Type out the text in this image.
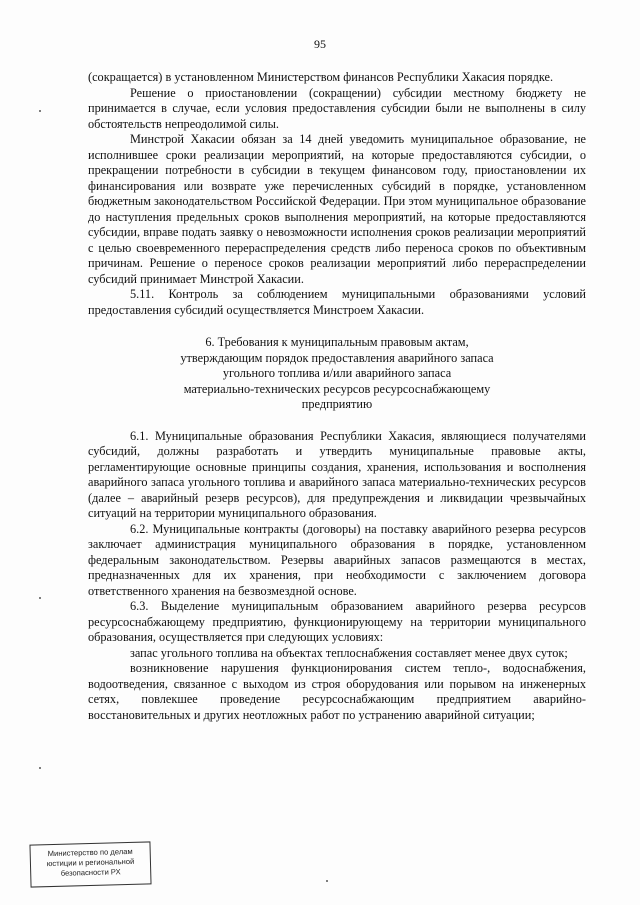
95

(сокращается) в установленном Министерством финансов Республики Хакасия порядке.

Решение о приостановлении (сокращении) субсидии местному бюджету не принимается в случае, если условия предоставления субсидии были не выполнены в силу обстоятельств непреодолимой силы.

Минстрой Хакасии обязан за 14 дней уведомить муниципальное образование, не исполнившее сроки реализации мероприятий, на которые предоставляются субсидии, о прекращении потребности в субсидии в текущем финансовом году, приостановлении их финансирования или возврате уже перечисленных субсидий в порядке, установленном бюджетным законодательством Российской Федерации. При этом муниципальное образование до наступления предельных сроков выполнения мероприятий, на которые предоставляются субсидии, вправе подать заявку о невозможности исполнения сроков реализации мероприятий с целью своевременного перераспределения средств либо переноса сроков по объективным причинам. Решение о переносе сроков реализации мероприятий либо перераспределении субсидий принимает Минстрой Хакасии.

5.11. Контроль за соблюдением муниципальными образованиями условий предоставления субсидий осуществляется Минстроем Хакасии.

6. Требования к муниципальным правовым актам,
утверждающим порядок предоставления аварийного запаса
угольного топлива и/или аварийного запаса
материально-технических ресурсов ресурсоснабжающему
предприятию

6.1. Муниципальные образования Республики Хакасия, являющиеся получателями субсидий, должны разработать и утвердить муниципальные правовые акты, регламентирующие основные принципы создания, хранения, использования и восполнения аварийного запаса угольного топлива и аварийного запаса материально-технических ресурсов (далее – аварийный резерв ресурсов), для предупреждения и ликвидации чрезвычайных ситуаций на территории муниципального образования.

6.2. Муниципальные контракты (договоры) на поставку аварийного резерва ресурсов заключает администрация муниципального образования в порядке, установленном федеральным законодательством. Резервы аварийных запасов размещаются в местах, предназначенных для их хранения, при необходимости с заключением договора ответственного хранения на безвозмездной основе.

6.3. Выделение муниципальным образованием аварийного резерва ресурсов ресурсоснабжающему предприятию, функционирующему на территории муниципального образования, осуществляется при следующих условиях:

запас угольного топлива на объектах теплоснабжения составляет менее двух суток;

возникновение нарушения функционирования систем тепло-, водоснабжения, водоотведения, связанное с выходом из строя оборудования или порывом на инженерных сетях, повлекшее проведение ресурсоснабжающим предприятием аварийно-восстановительных и других неотложных работ по устранению аварийной ситуации;

Министерство по делам
юстиции и региональной
безопасности РХ
